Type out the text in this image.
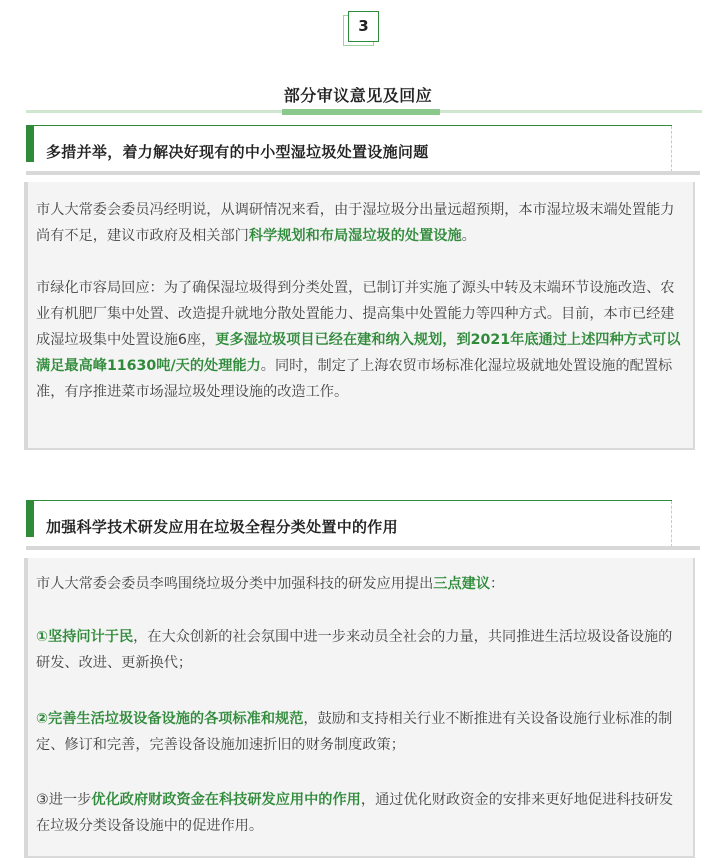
3
部分审议意见及回应
多措并举，着力解决好现有的中小型湿垃圾处置设施问题

市人大常委会委员冯经明说，从调研情况来看，由于湿垃圾分出量远超预期，本市湿垃圾末端处置能力尚有不足，建议市政府及相关部门科学规划和布局湿垃圾的处置设施。

市绿化市容局回应：为了确保湿垃圾得到分类处置，已制订并实施了源头中转及末端环节设施改造、农业有机肥厂集中处置、改造提升就地分散处置能力、提高集中处置能力等四种方式。目前，本市已经建成湿垃圾集中处置设施6座，更多湿垃圾项目已经在建和纳入规划，到2021年底通过上述四种方式可以满足最高峰11630吨/天的处理能力。同时，制定了上海农贸市场标准化湿垃圾就地处置设施的配置标准，有序推进菜市场湿垃圾处理设施的改造工作。

加强科学技术研发应用在垃圾全程分类处置中的作用

市人大常委会委员李鸣围绕垃圾分类中加强科技的研发应用提出三点建议：

①坚持问计于民，在大众创新的社会氛围中进一步来动员全社会的力量，共同推进生活垃圾设备设施的研发、改进、更新换代；

②完善生活垃圾设备设施的各项标准和规范，鼓励和支持相关行业不断推进有关设备设施行业标准的制定、修订和完善，完善设备设施加速折旧的财务制度政策；

③进一步优化政府财政资金在科技研发应用中的作用，通过优化财政资金的安排来更好地促进科技研发在垃圾分类设备设施中的促进作用。
